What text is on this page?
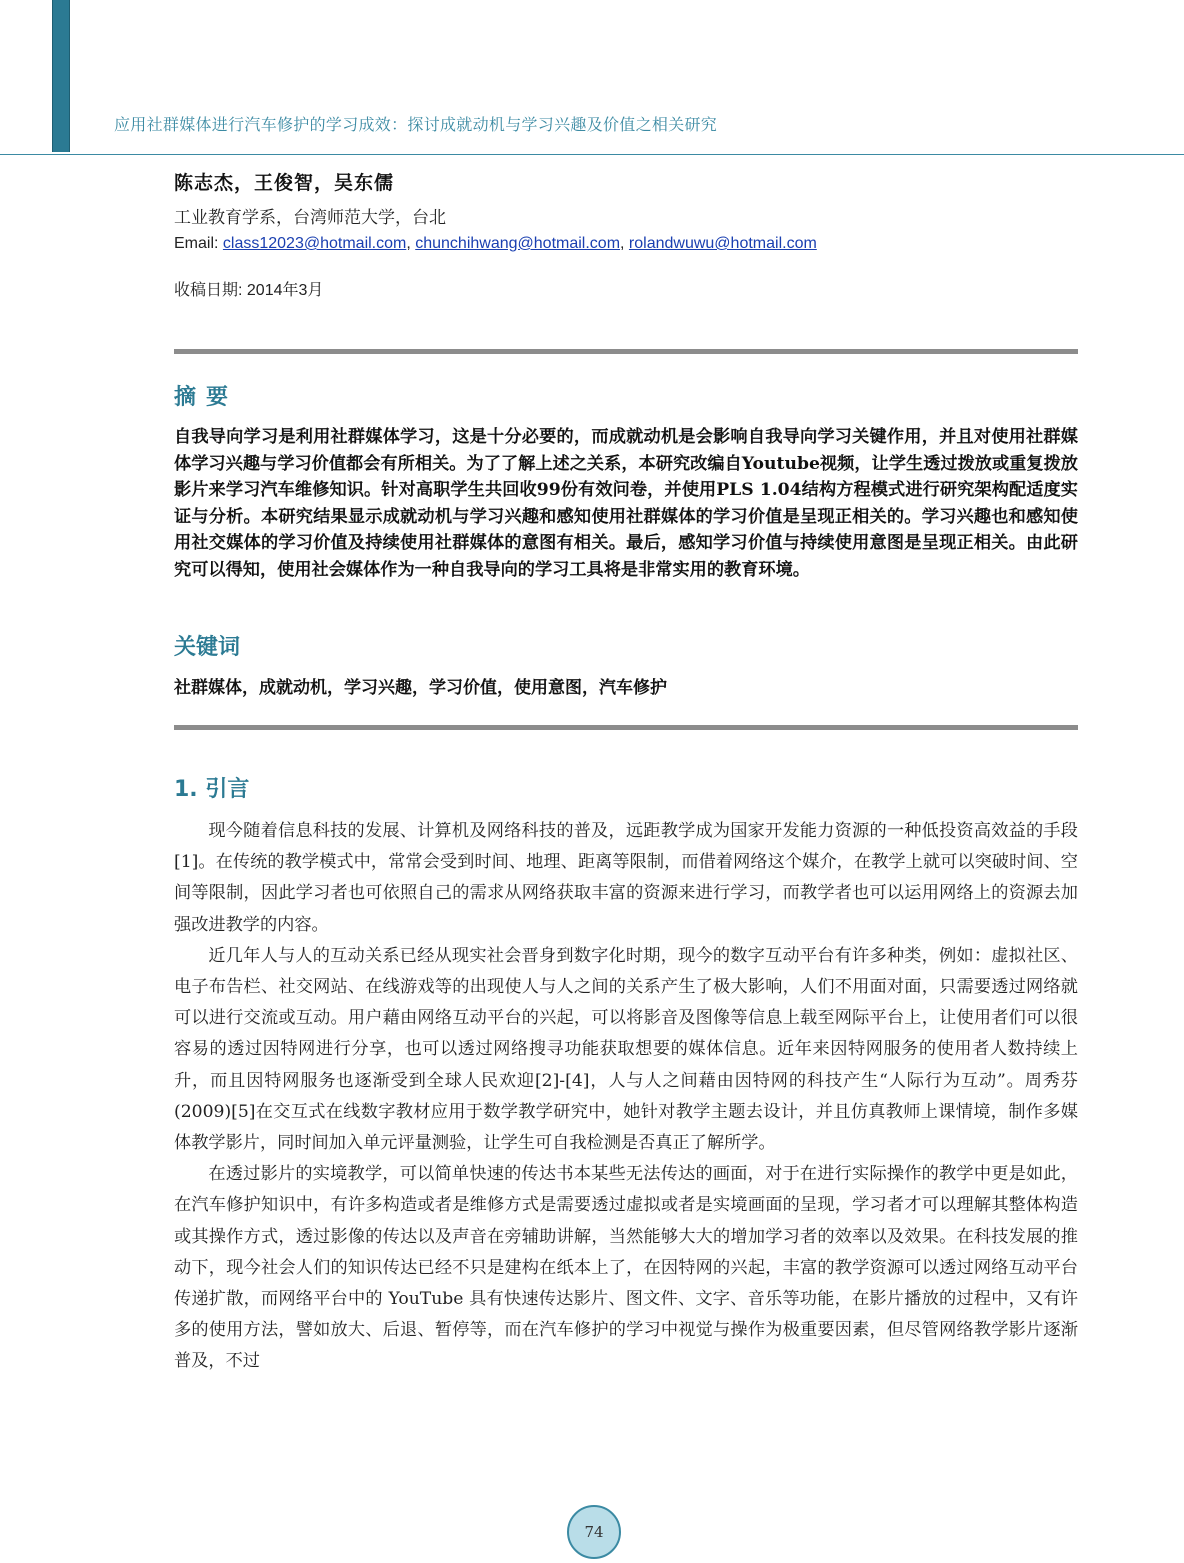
应用社群媒体进行汽车修护的学习成效：探讨成就动机与学习兴趣及价值之相关研究

陈志杰，王俊智，吴东儒

工业教育学系，台湾师范大学，台北

Email: class12023@hotmail.com, chunchihwang@hotmail.com, rolandwuwu@hotmail.com

收稿日期: 2014年3月

摘要
自我导向学习是利用社群媒体学习，这是十分必要的，而成就动机是会影响自我导向学习关键作用，并且对使用社群媒体学习兴趣与学习价值都会有所相关。为了了解上述之关系，本研究改编自Youtube视频，让学生透过拨放或重复拨放影片来学习汽车维修知识。针对高职学生共回收99份有效问卷，并使用PLS 1.04结构方程模式进行研究架构配适度实证与分析。本研究结果显示成就动机与学习兴趣和感知使用社群媒体的学习价值是呈现正相关的。学习兴趣也和感知使用社交媒体的学习价值及持续使用社群媒体的意图有相关。最后，感知学习价值与持续使用意图是呈现正相关。由此研究可以得知，使用社会媒体作为一种自我导向的学习工具将是非常实用的教育环境。
关键词
社群媒体，成就动机，学习兴趣，学习价值，使用意图，汽车修护
1. 引言

现今随着信息科技的发展、计算机及网络科技的普及，远距教学成为国家开发能力资源的一种低投资高效益的手段[1]。在传统的教学模式中，常常会受到时间、地理、距离等限制，而借着网络这个媒介，在教学上就可以突破时间、空间等限制，因此学习者也可依照自己的需求从网络获取丰富的资源来进行学习，而教学者也可以运用网络上的资源去加强改进教学的内容。

近几年人与人的互动关系已经从现实社会晋身到数字化时期，现今的数字互动平台有许多种类，例如：虚拟社区、电子布告栏、社交网站、在线游戏等的出现使人与人之间的关系产生了极大影响，人们不用面对面，只需要透过网络就可以进行交流或互动。用户藉由网络互动平台的兴起，可以将影音及图像等信息上载至网际平台上，让使用者们可以很容易的透过因特网进行分享，也可以透过网络搜寻功能获取想要的媒体信息。近年来因特网服务的使用者人数持续上升，而且因特网服务也逐渐受到全球人民欢迎[2]-[4]，人与人之间藉由因特网的科技产生“人际行为互动”。周秀芬(2009)[5]在交互式在线数字教材应用于数学教学研究中，她针对教学主题去设计，并且仿真教师上课情境，制作多媒体教学影片，同时间加入单元评量测验，让学生可自我检测是否真正了解所学。

在透过影片的实境教学，可以简单快速的传达书本某些无法传达的画面，对于在进行实际操作的教学中更是如此，在汽车修护知识中，有许多构造或者是维修方式是需要透过虚拟或者是实境画面的呈现，学习者才可以理解其整体构造或其操作方式，透过影像的传达以及声音在旁辅助讲解，当然能够大大的增加学习者的效率以及效果。在科技发展的推动下，现今社会人们的知识传达已经不只是建构在纸本上了，在因特网的兴起，丰富的教学资源可以透过网络互动平台传递扩散，而网络平台中的 YouTube 具有快速传达影片、图文件、文字、音乐等功能，在影片播放的过程中，又有许多的使用方法，譬如放大、后退、暂停等，而在汽车修护的学习中视觉与操作为极重要因素，但尽管网络教学影片逐渐普及，不过

74
